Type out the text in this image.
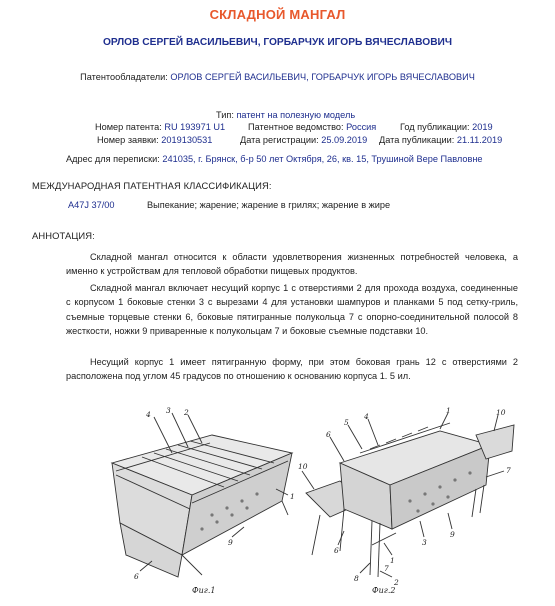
СКЛАДНОЙ МАНГАЛ
ОРЛОВ СЕРГЕЙ ВАСИЛЬЕВИЧ, ГОРБАРЧУК ИГОРЬ ВЯЧЕСЛАВОВИЧ
Патентообладатели: ОРЛОВ СЕРГЕЙ ВАСИЛЬЕВИЧ, ГОРБАРЧУК ИГОРЬ ВЯЧЕСЛАВОВИЧ
Тип: патент на полезную модель
Номер патента: RU 193971 U1 Патентное ведомство: Россия	Год публикации: 2019
Номер заявки: 2019130531	Дата регистрации: 25.09.2019 Дата публикации: 21.11.2019
Адрес для переписки: 241035, г. Брянск, б-р 50 лет Октября, 26, кв. 15, Трушиной Вере Павловне
МЕЖДУНАРОДНАЯ ПАТЕНТНАЯ КЛАССИФИКАЦИЯ:
A47J 37/00	Выпекание; жарение; жарение в грилях; жарение в жире
АННОТАЦИЯ:

Складной мангал относится к области удовлетворения жизненных потребностей человека, а именно к устройствам для тепловой обработки пищевых продуктов.

Складной мангал включает несущий корпус 1 с отверстиями 2 для прохода воздуха, соединенные с корпусом 1 боковые стенки 3 с вырезами 4 для установки шампуров и планками 5 под сетку-гриль, съемные торцевые стенки 6, боковые пятигранные полукольца 7 с опорно-соединительной полосой 8 жесткости, ножки 9 приваренные к полукольцам 7 и боковые съемные подставки 10.

Несущий корпус 1 имеет пятигранную форму, при этом боковая грань 12 с отверстиями 2 расположена под углом 45 градусов по отношению к основанию корпуса 1. 5 ил.

4 3 2
1
9
6
Фиг.1
6
5
4
1	10
10
6
8
7
9
3
1
2
7
Фиг.2
